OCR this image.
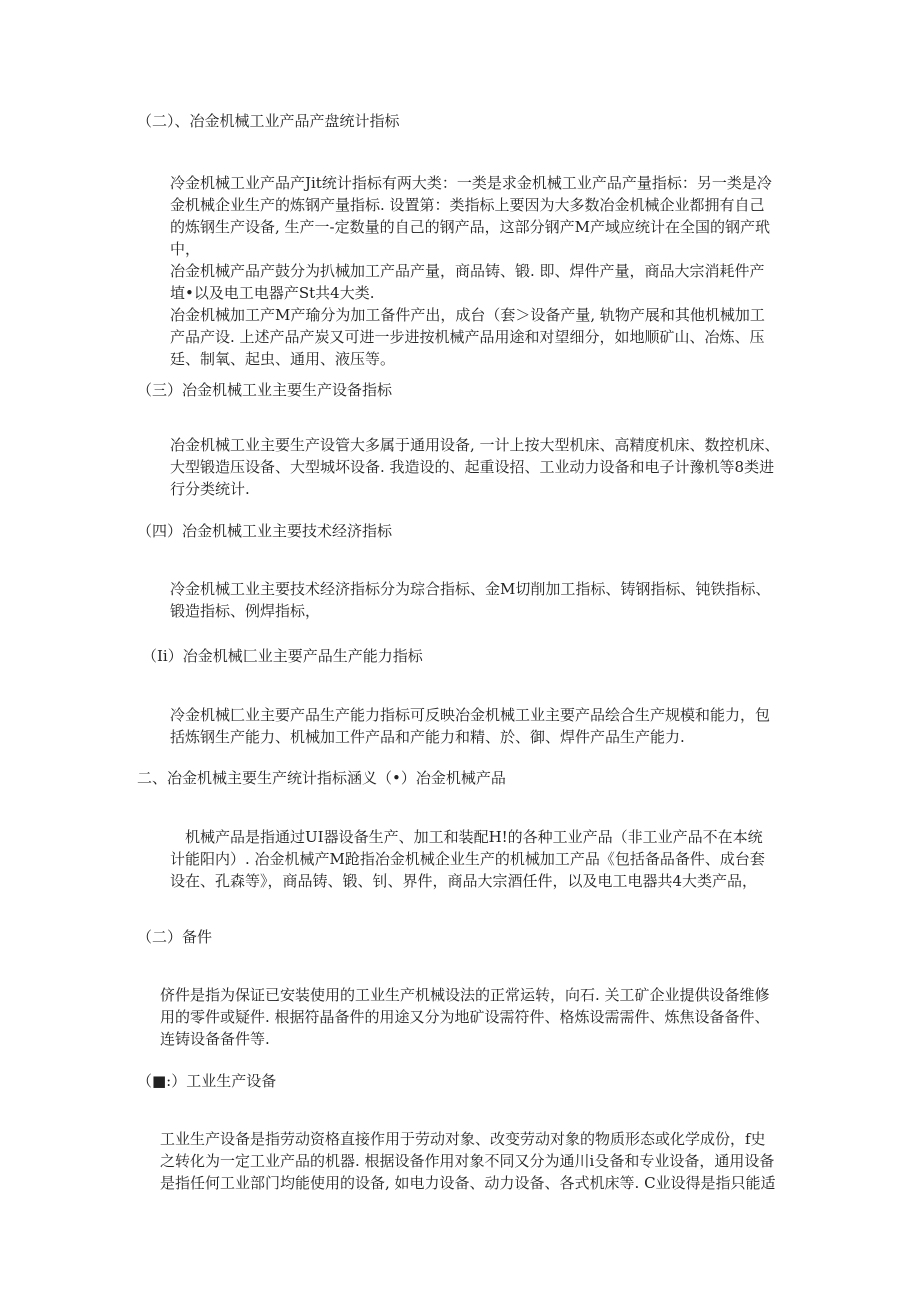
（二）、冶金机械工业产品产盘统计指标
冷金机械工业产品产Jit统计指标有两大类：一类是求金机械工业产品产量指标：另一类是冷
金机械企业生产的炼钢产量指标. 设置第：类指标上要因为大多数冶金机械企业都拥有自己
的炼钢生产设备, 生产一-定数量的自己的钢产品，这部分钢产M产域应统计在全国的钢产玳
中，
冶金机械产品产鼓分为扒械加工产品产量，商品铸、锻. 即、焊件产量，商品大宗消耗件产
埴•以及电工电器产St共4大类.
冶金机械加工产M产瑜分为加工备件产出，成台（套＞设备产量, 轨物产展和其他机械加工
产品产设. 上述产品产炭又可进一步进按机械产品用途和对望细分，如地顺矿山、冶炼、压
廷、制氧、起虫、通用、液压等。
（三）冶金机械工业主要生产设备指标
冶金机械工业主要生产设管大多属于通用设备, 一计上按大型机床、高精度机床、数控机床、
大型锻造压设备、大型城坏设备. 我造设的、起重设招、工业动力设备和电子计豫机等8类进
行分类统计.
（四）冶金机械工业主要技术经济指标
冷金机械工业主要技术经济指标分为琮合指标、金M切削加工指标、铸钢指标、钝铁指标、
锻造指标、例焊指标，
（Ii）冶金机械匚业主要产品生产能力指标
冷金机械匚业主要产品生产能力指标可反映冶金机械工业主要产品绘合生产规模和能力，包
括炼钢生产能力、机械加工件产品和产能力和精、於、御、焊件产品生产能力.
二、冶金机械主要生产统计指标涵义（•）冶金机械产品
机械产品是指通过UI器设备生产、加工和装配H!的各种工业产品（非工业产品不在本统
计能阳内）. 冶金机械产M跄指冶金机械企业生产的机械加工产品《包括备品备件、成台套
设在、孔森等》，商品铸、锻、钊、界件，商品大宗酒任件，以及电工电器共4大类产品，
（二）备件
侪件是指为保证已安装使用的工业生产机械设法的正常运转，向石. 关工矿企业提供设备维修
用的零件或疑件. 根据符晶备件的用途又分为地矿设需符件、格炼设需需件、炼焦设备备件、
连铸设备备件等.
（■:）工业生产设备
工业生产设备是指劳动资格直接作用于劳动对象、改变劳动对象的物质形态或化学成份，f史
之转化为一定工业产品的机器. 根据设备作用对象不同又分为通川i殳备和专业设备，通用设备
是指任何工业部门均能使用的设备, 如电力设备、动力设备、各式机床等. C业设得是指只能适
